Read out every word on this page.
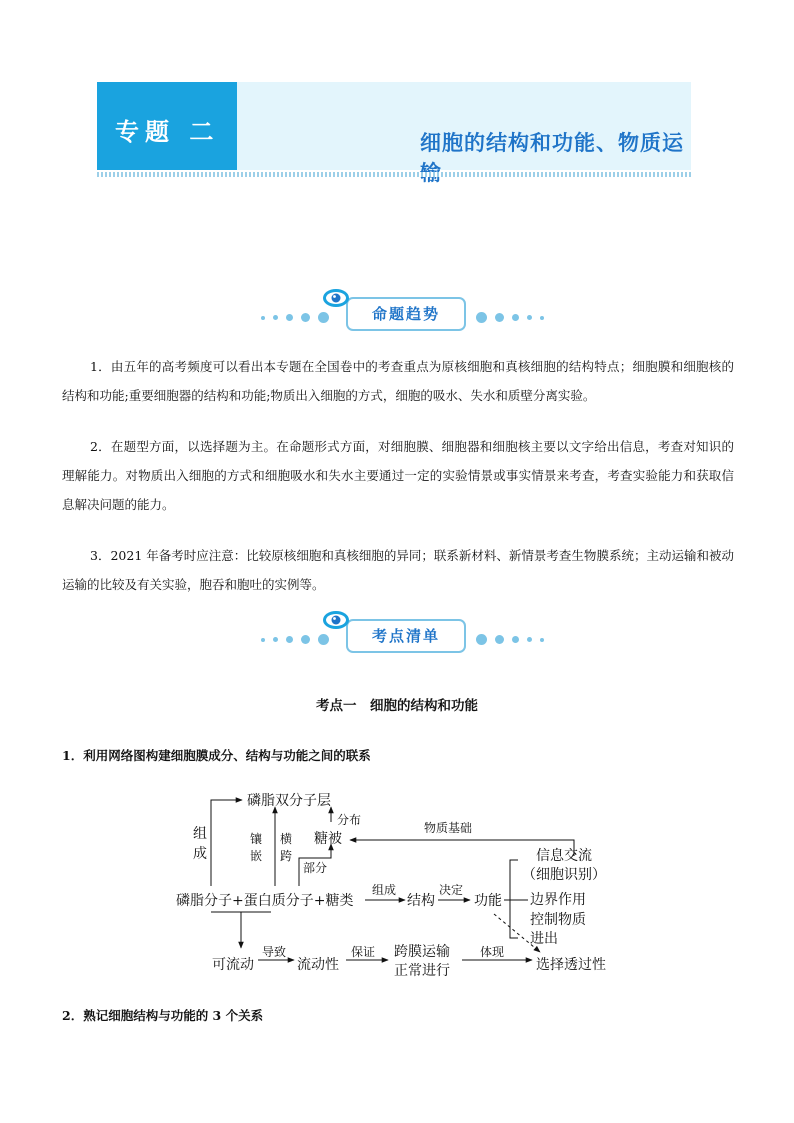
专题 二	细胞的结构和功能、物质运
命题趋势

1．由五年的高考频度可以看出本专题在全国卷中的考查重点为原核细胞和真核细胞的结构特点；细胞膜和细胞核的结构和功能;重要细胞器的结构和功能;物质出入细胞的方式，细胞的吸水、失水和质壁分离实验。

2．在题型方面，以选择题为主。在命题形式方面，对细胞膜、细胞器和细胞核主要以文字给出信息，考查对知识的理解能力。对物质出入细胞的方式和细胞吸水和失水主要通过一定的实验情景或事实情景来考查，考查实验能力和获取信息解决问题的能力。

3．2021 年备考时应注意：比较原核细胞和真核细胞的异同；联系新材料、新情景考查生物膜系统；主动运输和被动运输的比较及有关实验，胞吞和胞吐的实例等。

考点清单
考点一　细胞的结构和功能
1．利用网络图构建细胞膜成分、结构与功能之间的联系
磷脂双分子层
分布
糖被
物质基础
组
成
镶
嵌
横
跨
部分
磷脂分子+蛋白质分子+糖类
组成
结构
决定
功能
信息交流
（细胞识别）
边界作用
控制物质
进出
可流动
导致
流动性
保证 跨膜运输
正常进行
体现
选择透过性
2．熟记细胞结构与功能的 3 个关系
